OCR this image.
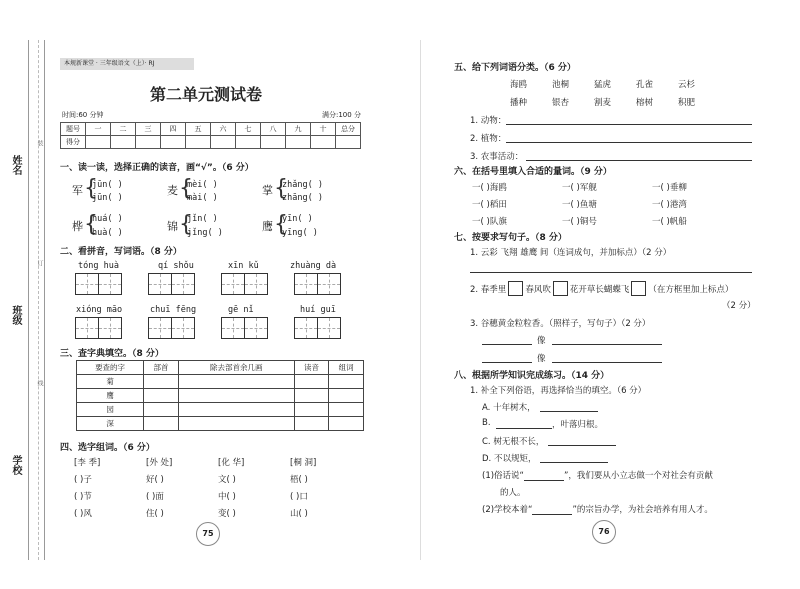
姓名
班级
学校
装
订
线
本规新课堂 · 三年级语文（上）· RJ
第二单元测试卷
时间:60 分钟	满分:100 分
题号	一	二	三	四	五	六	七	八	九	十	总分
得分											
一、读一读，选择正确的读音，画“√”。（6 分）
军 {
jūn( )
jūn( )
麦 {
mèi( )
mài( )
掌 {
zhǎng( )
zhāng( )
桦 {
huá( )
huà( )	锦 {
jǐn( )
jǐng( )	鹰 {
yīn( )
yīng( )
二、看拼音，写词语。（8 分）
tóng huà	qí shǒu	xīn kǔ	zhuàng dà
xióng māo	chuī fēng	gē nǐ	huí guī
三、查字典填空。（8 分）
要查的字	部首	除去部首余几画	读音	组词
菊				
鹰				
园				
深				
四、选字组词。（6 分）
[李 季]	[外 处]	[化 华]	[桐 洞]
( )子	好( )	文( )	梧( )
( )节	( )面	中( )	( )口
( )风	住( )	变( )	山( )
75
五、给下列词语分类。（6 分）
海鸥	池桐	猛虎	孔雀	云杉
播种	银杏	割麦	榕树	积肥
1. 动物：
2. 植物：
3. 农事活动：
六、在括号里填入合适的量词。（9 分）
一( )海鸥	一( )军舰	一( )垂柳
一( )稻田	一( )鱼塘	一( )港湾
一( )队旗	一( )铜号	一( )帆船
七、按要求写句子。（8 分）
1. 云彩 飞翔 雄鹰 间（连词成句，并加标点）（2 分）
2. 春季里 春风吹 花开草长蝴蝶飞 （在方框里加上标点）
（2 分）
3. 谷穗黄金粒粒香。（照样子，写句子）（2 分）
像
像
八、根据所学知识完成练习。（14 分）
1. 补全下列俗语，再选择恰当的填空。（6 分）
A. 十年树木，
B.	，叶落归根。
C. 树无根不长，
D. 不以规矩，
(1)俗话说“	”，我们要从小立志做一个对社会有贡献
的人。
(2)学校本着“	”的宗旨办学，为社会培养有用人才。
76
